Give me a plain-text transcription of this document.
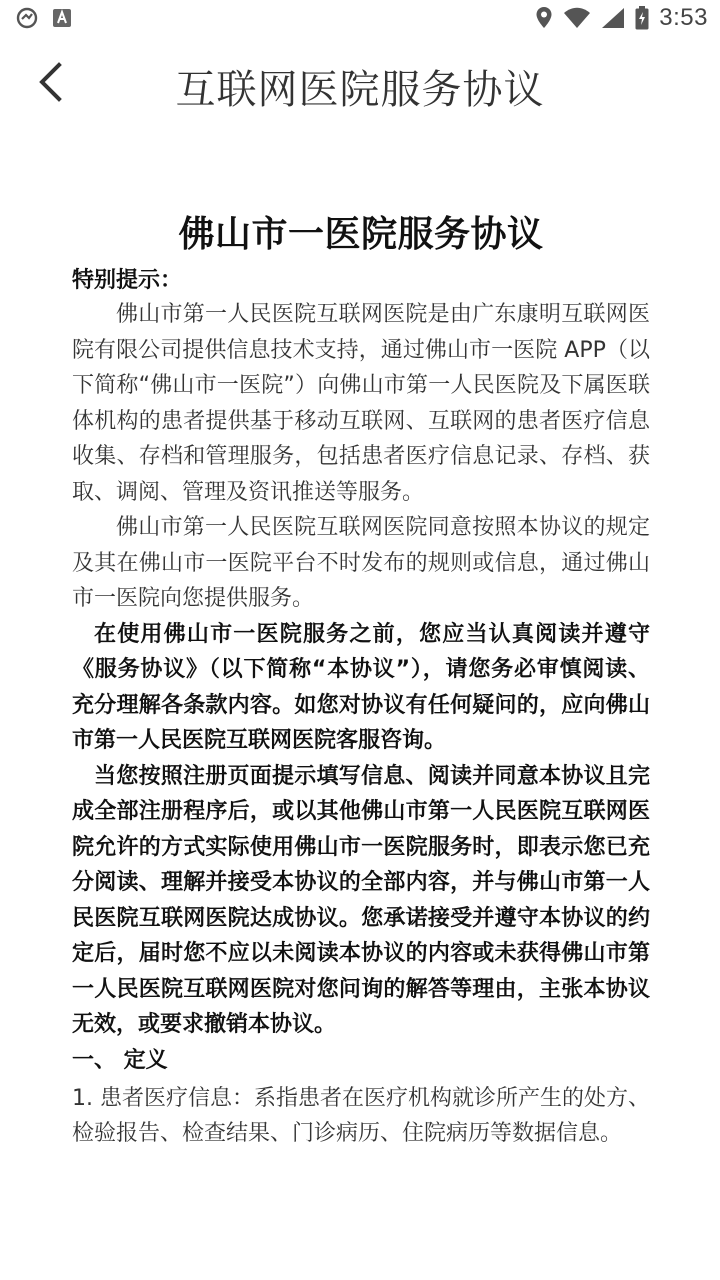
3:53
互联网医院服务协议
佛山市一医院服务协议
特别提示：

佛山市第一人民医院互联网医院是由广东康明互联网医院有限公司提供信息技术支持，通过佛山市一医院 APP（以下简称“佛山市一医院”）向佛山市第一人民医院及下属医联体机构的患者提供基于移动互联网、互联网的患者医疗信息收集、存档和管理服务，包括患者医疗信息记录、存档、获取、调阅、管理及资讯推送等服务。

佛山市第一人民医院互联网医院同意按照本协议的规定及其在佛山市一医院平台不时发布的规则或信息，通过佛山市一医院向您提供服务。

在使用佛山市一医院服务之前，您应当认真阅读并遵守《服务协议》（以下简称“本协议”），请您务必审慎阅读、充分理解各条款内容。如您对协议有任何疑问的，应向佛山市第一人民医院互联网医院客服咨询。

当您按照注册页面提示填写信息、阅读并同意本协议且完成全部注册程序后，或以其他佛山市第一人民医院互联网医院允许的方式实际使用佛山市一医院服务时，即表示您已充分阅读、理解并接受本协议的全部内容，并与佛山市第一人民医院互联网医院达成协议。您承诺接受并遵守本协议的约定后，届时您不应以未阅读本协议的内容或未获得佛山市第一人民医院互联网医院对您问询的解答等理由，主张本协议无效，或要求撤销本协议。

一、 定义

1. 患者医疗信息：系指患者在医疗机构就诊所产生的处方、检验报告、检查结果、门诊病历、住院病历等数据信息。
